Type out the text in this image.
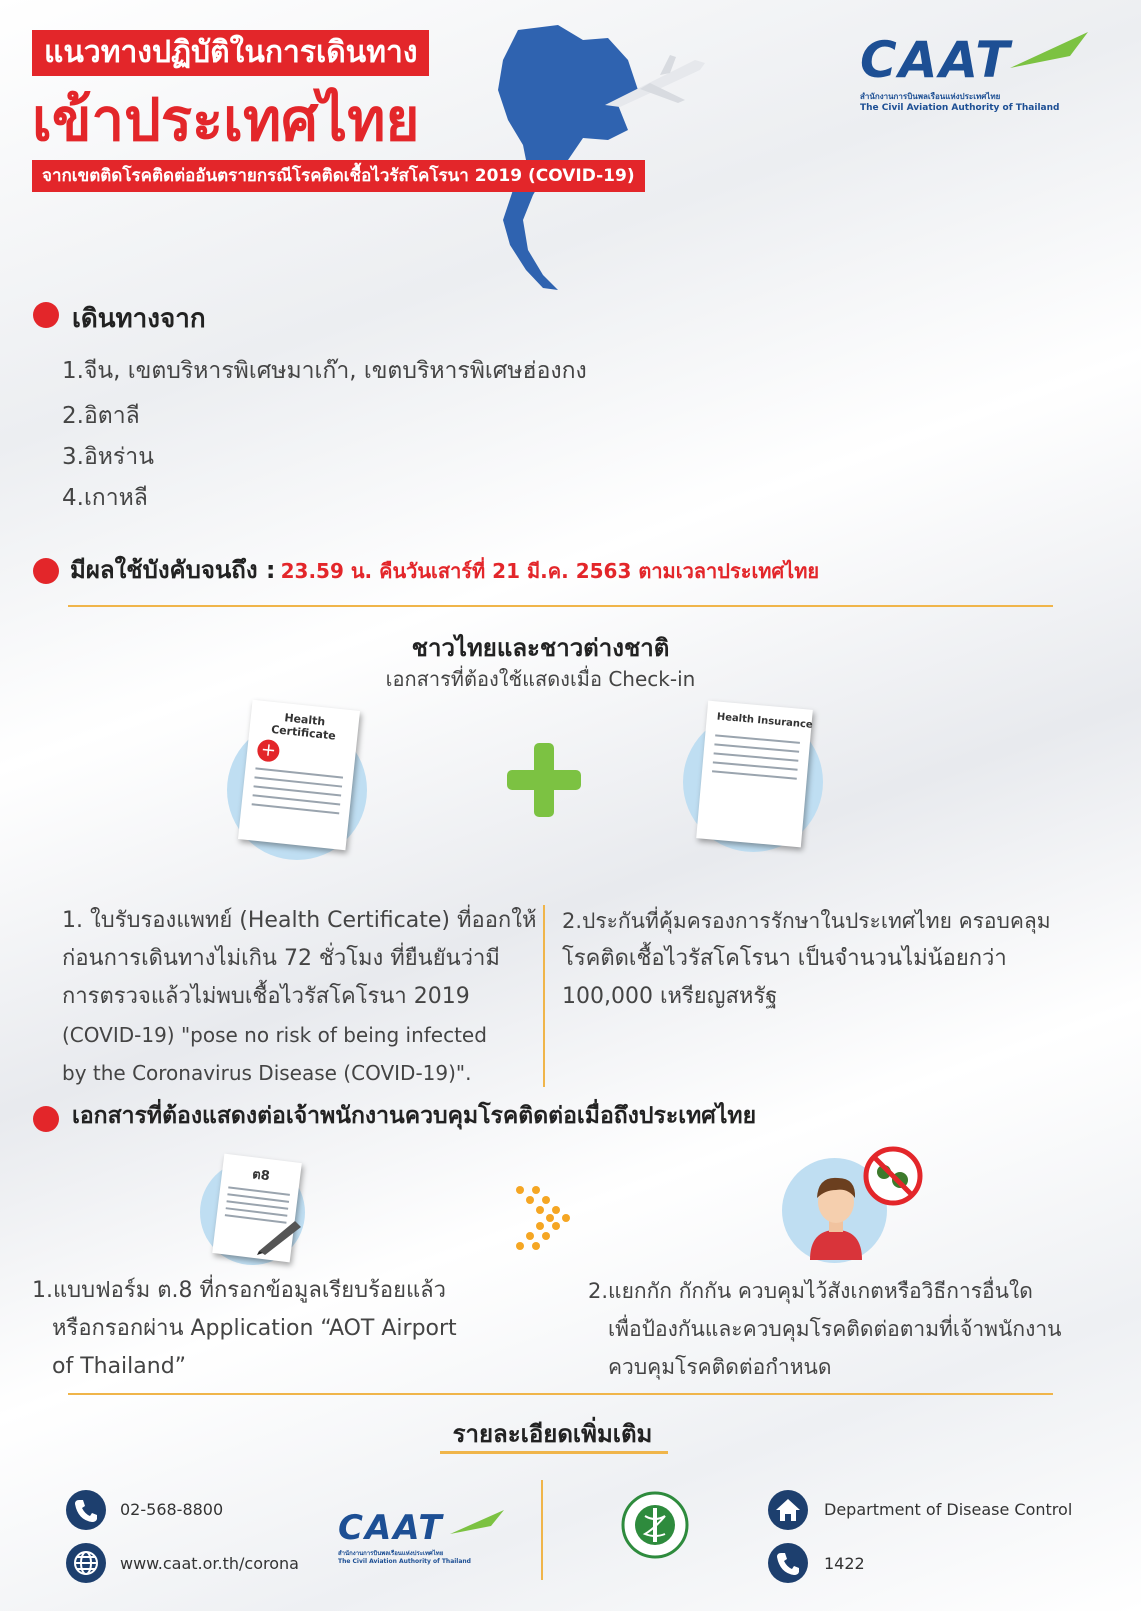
แนวทางปฏิบัติในการเดินทาง
เข้าประเทศไทย
จากเขตติดโรคติดต่ออันตรายกรณีโรคติดเชื้อไวรัสโคโรนา 2019 (COVID-19)
CAAT
สำนักงานการบินพลเรือนแห่งประเทศไทย
The Civil Aviation Authority of Thailand
เดินทางจาก
1.จีน, เขตบริหารพิเศษมาเก๊า, เขตบริหารพิเศษฮ่องกง
2.อิตาลี
3.อิหร่าน
4.เกาหลี
มีผลใช้บังคับจนถึง : 23.59 น. คืนวันเสาร์ที่ 21 มี.ค. 2563 ตามเวลาประเทศไทย
ชาวไทยและชาวต่างชาติ
เอกสารที่ต้องใช้แสดงเมื่อ Check-in
Health Certificate
+
Health Insurance
1. ใบรับรองแพทย์ (Health Certificate) ที่ออกให้
ก่อนการเดินทางไม่เกิน 72 ชั่วโมง ที่ยืนยันว่ามี
การตรวจแล้วไม่พบเชื้อไวรัสโคโรนา 2019
(COVID-19) "pose no risk of being infected
by the Coronavirus Disease (COVID-19)".
2.ประกันที่คุ้มครองการรักษาในประเทศไทย ครอบคลุม
โรคติดเชื้อไวรัสโคโรนา เป็นจำนวนไม่น้อยกว่า
100,000 เหรียญสหรัฐ
เอกสารที่ต้องแสดงต่อเจ้าพนักงานควบคุมโรคติดต่อเมื่อถึงประเทศไทย
ต8
1.แบบฟอร์ม ต.8 ที่กรอกข้อมูลเรียบร้อยแล้ว
หรือกรอกผ่าน Application “AOT Airport
of Thailand”
2.แยกกัก กักกัน ควบคุมไว้สังเกตหรือวิธีการอื่นใด
เพื่อป้องกันและควบคุมโรคติดต่อตามที่เจ้าพนักงาน
ควบคุมโรคติดต่อกำหนด
รายละเอียดเพิ่มเติม
02-568-8800
www.caat.or.th/corona
CAAT
สำนักงานการบินพลเรือนแห่งประเทศไทย
The Civil Aviation Authority of Thailand
Department of Disease Control
1422
